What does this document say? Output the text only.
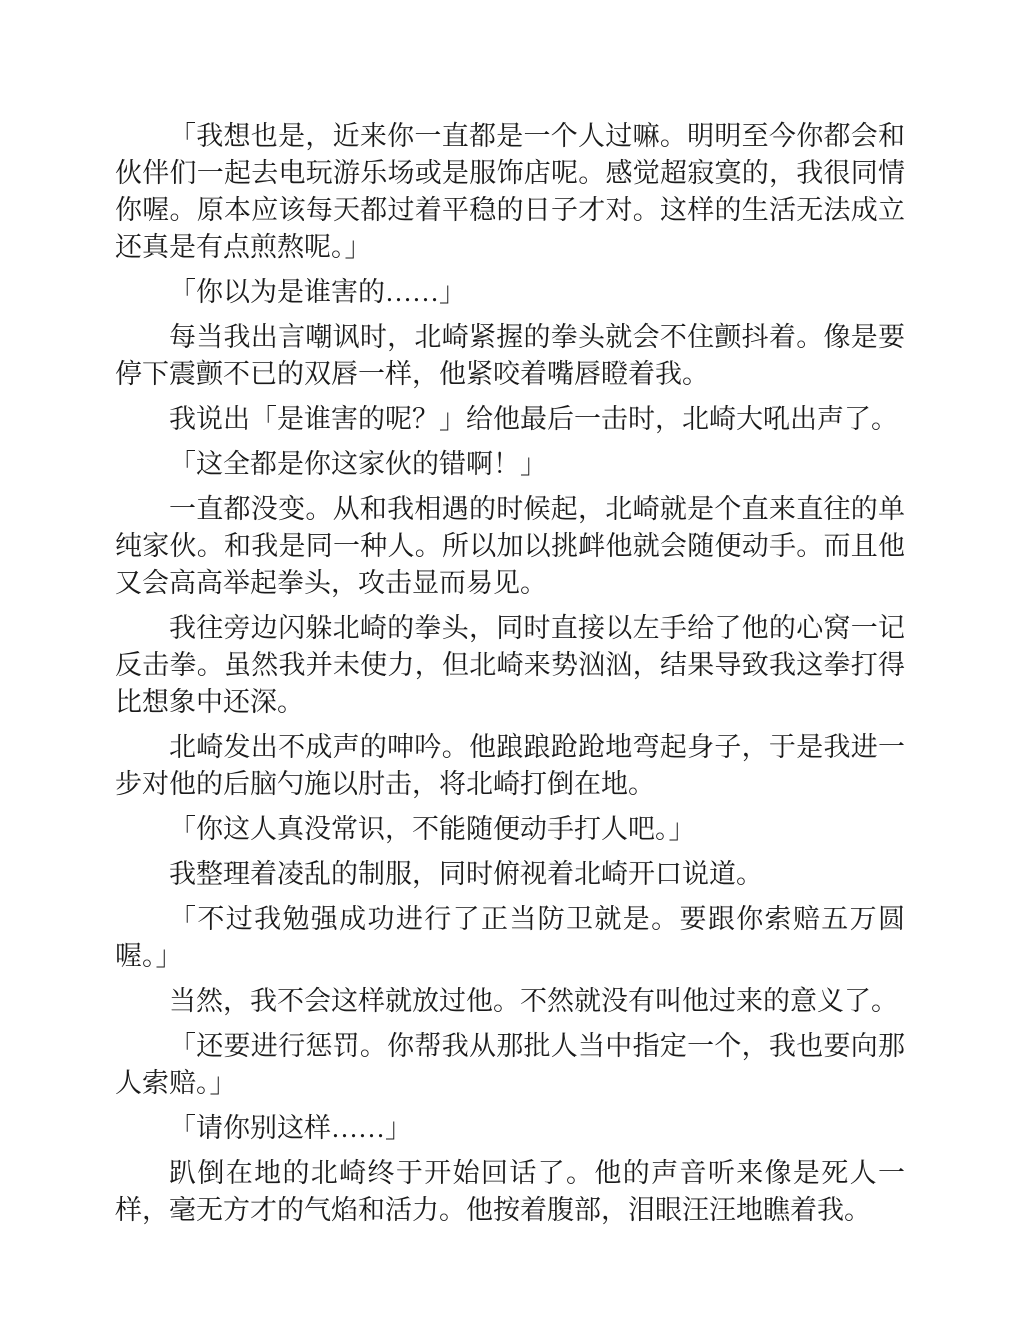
「我想也是，近来你一直都是一个人过嘛。明明至今你都会和伙伴们一起去电玩游乐场或是服饰店呢。感觉超寂寞的，我很同情你喔。原本应该每天都过着平稳的日子才对。这样的生活无法成立还真是有点煎熬呢。」

「你以为是谁害的……」

每当我出言嘲讽时，北崎紧握的拳头就会不住颤抖着。像是要停下震颤不已的双唇一样，他紧咬着嘴唇瞪着我。

我说出「是谁害的呢？」给他最后一击时，北崎大吼出声了。

「这全都是你这家伙的错啊！」

一直都没变。从和我相遇的时候起，北崎就是个直来直往的单纯家伙。和我是同一种人。所以加以挑衅他就会随便动手。而且他又会高高举起拳头，攻击显而易见。

我往旁边闪躲北崎的拳头，同时直接以左手给了他的心窝一记反击拳。虽然我并未使力，但北崎来势汹汹，结果导致我这拳打得比想象中还深。

北崎发出不成声的呻吟。他踉踉跄跄地弯起身子，于是我进一步对他的后脑勺施以肘击，将北崎打倒在地。

「你这人真没常识，不能随便动手打人吧。」

我整理着凌乱的制服，同时俯视着北崎开口说道。

「不过我勉强成功进行了正当防卫就是。要跟你索赔五万圆喔。」

当然，我不会这样就放过他。不然就没有叫他过来的意义了。

「还要进行惩罚。你帮我从那批人当中指定一个，我也要向那人索赔。」

「请你别这样……」

趴倒在地的北崎终于开始回话了。他的声音听来像是死人一样，毫无方才的气焰和活力。他按着腹部，泪眼汪汪地瞧着我。
